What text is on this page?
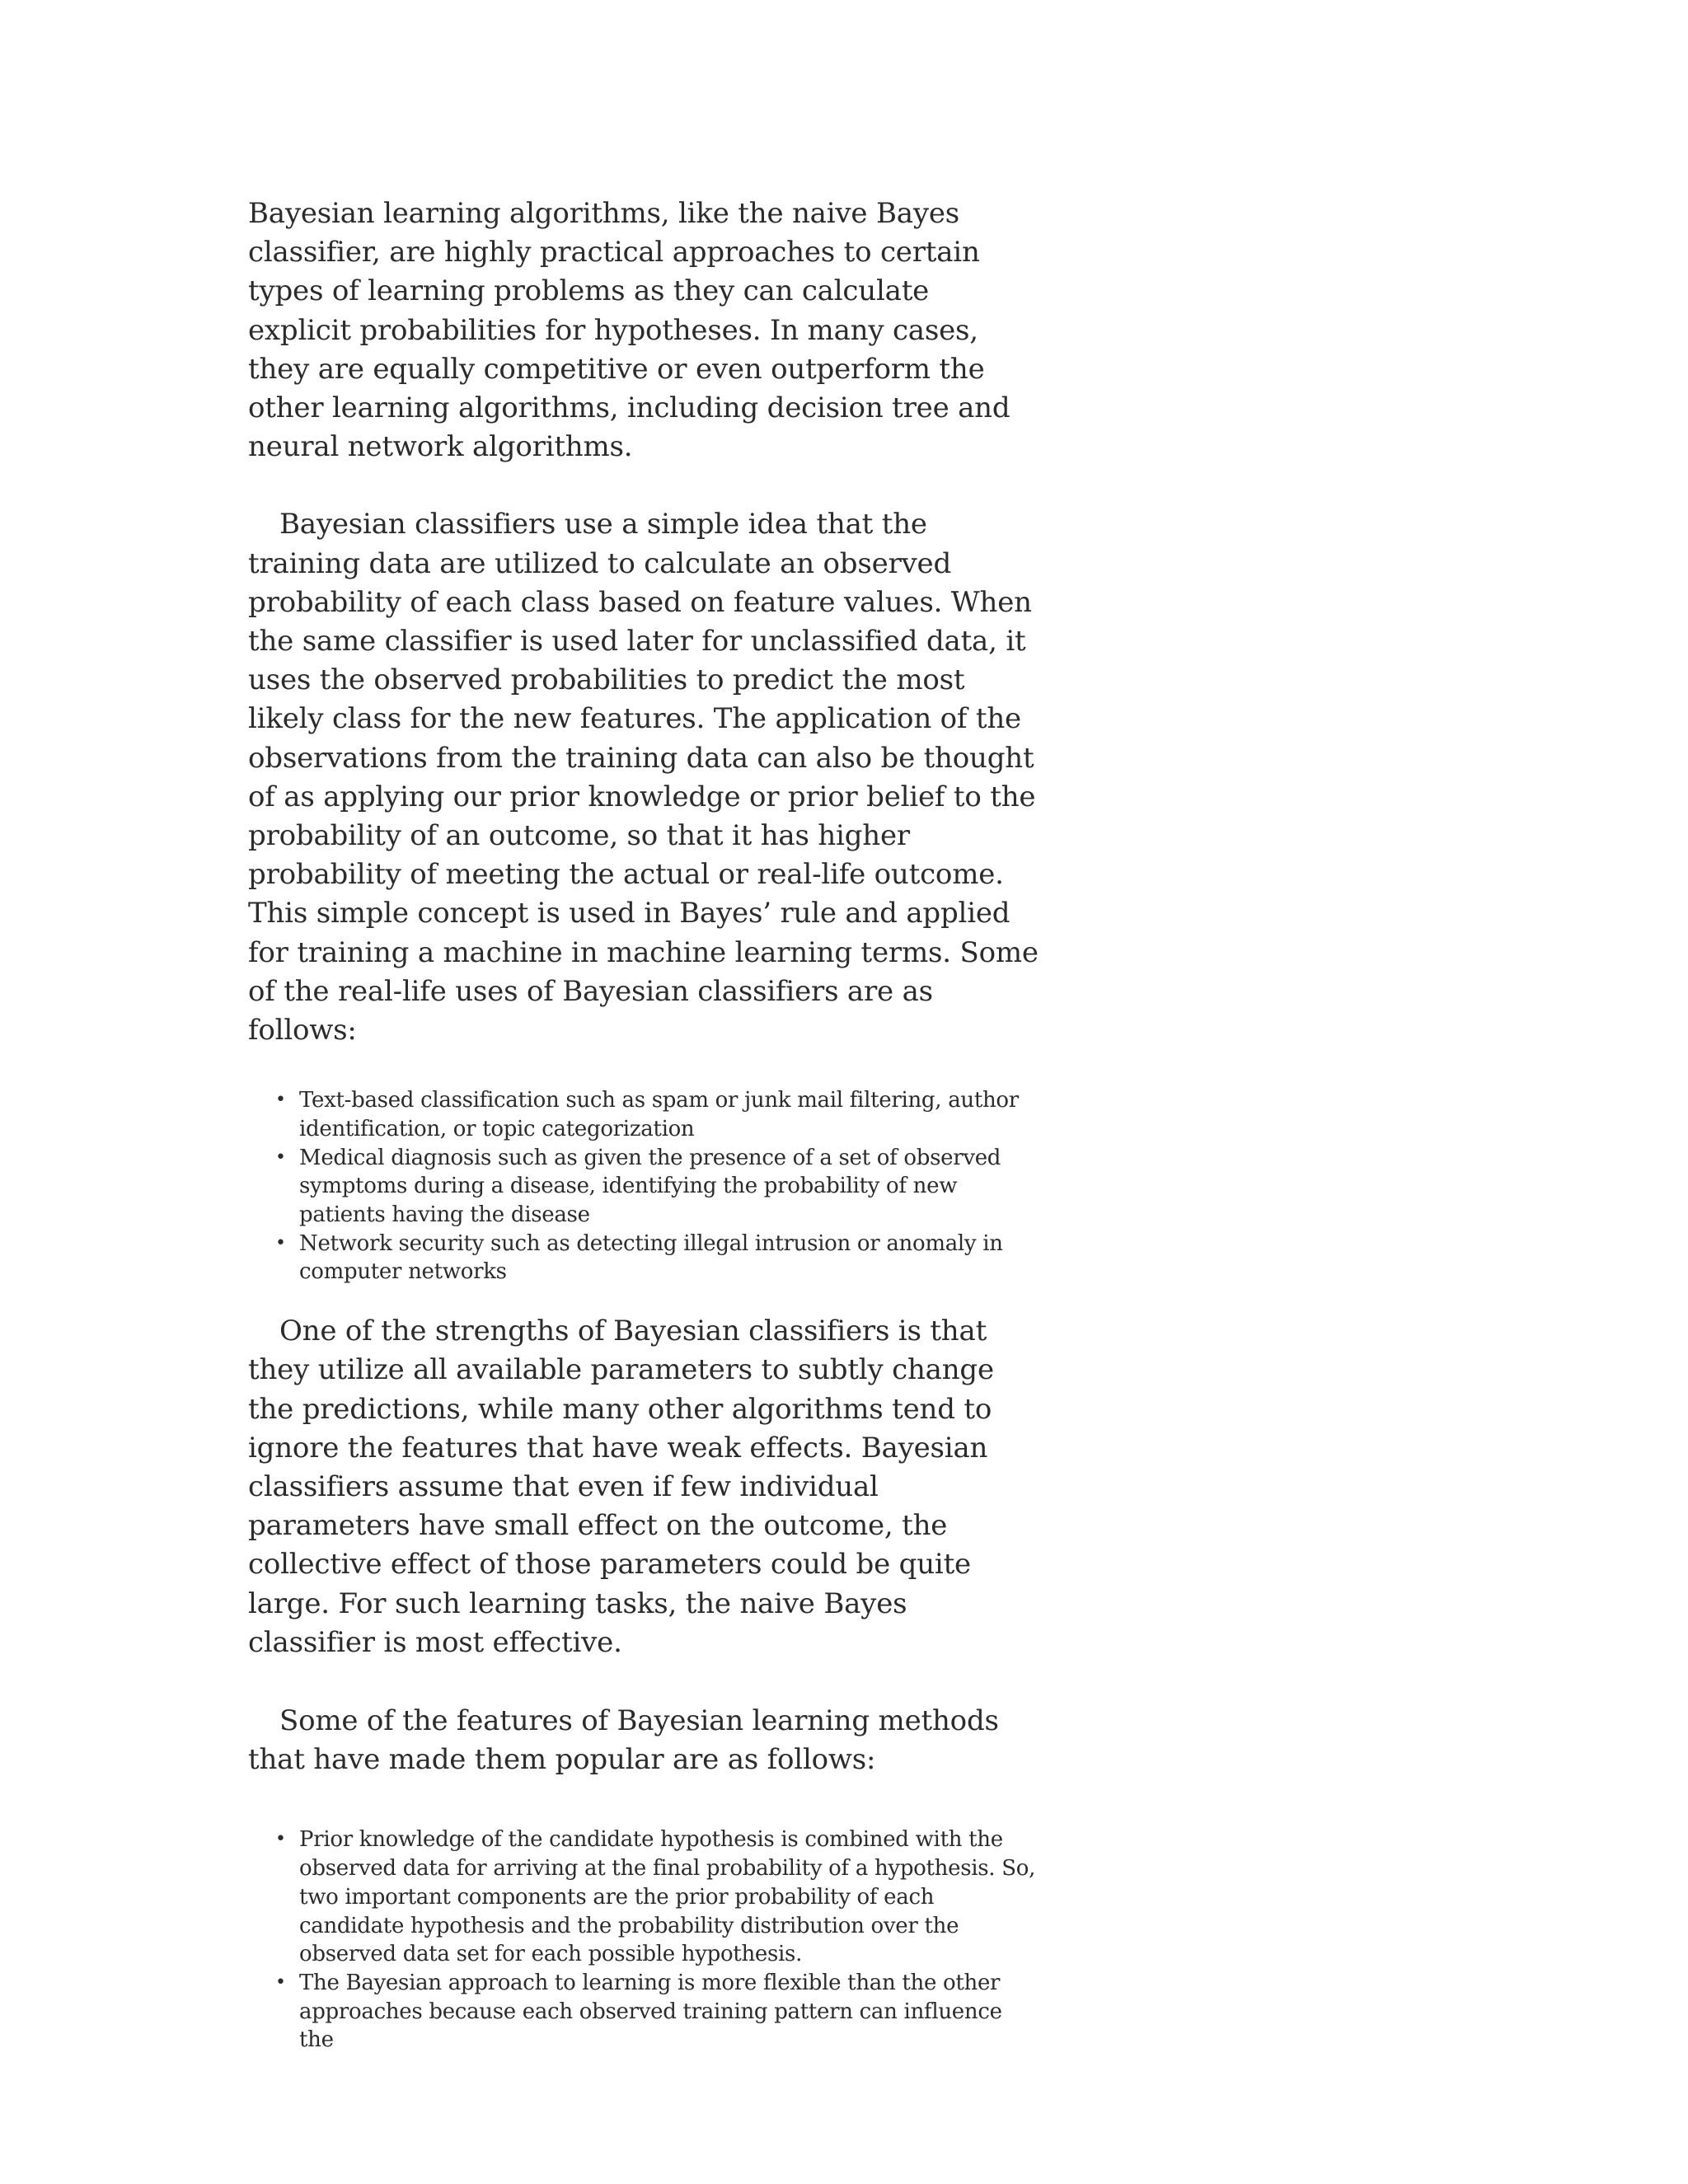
Bayesian learning algorithms, like the naive Bayes classifier, are highly practical approaches to certain types of learning problems as they can calculate explicit probabilities for hypotheses. In many cases, they are equally competitive or even outperform the other learning algorithms, including decision tree and neural network algorithms.

Bayesian classifiers use a simple idea that the training data are utilized to calculate an observed probability of each class based on feature values. When the same classifier is used later for unclassified data, it uses the observed probabilities to predict the most likely class for the new features. The application of the observations from the training data can also be thought of as applying our prior knowledge or prior belief to the probability of an outcome, so that it has higher probability of meeting the actual or real-life outcome. This simple concept is used in Bayes’ rule and applied for training a machine in machine learning terms. Some of the real-life uses of Bayesian classifiers are as follows:

• Text-based classification such as spam or junk mail filtering, author identification, or topic categorization
• Medical diagnosis such as given the presence of a set of observed symptoms during a disease, identifying the probability of new patients having the disease
• Network security such as detecting illegal intrusion or anomaly in computer networks

One of the strengths of Bayesian classifiers is that they utilize all available parameters to subtly change the predictions, while many other algorithms tend to ignore the features that have weak effects. Bayesian classifiers assume that even if few individual parameters have small effect on the outcome, the collective effect of those parameters could be quite large. For such learning tasks, the naive Bayes classifier is most effective.

Some of the features of Bayesian learning methods that have made them popular are as follows:

• Prior knowledge of the candidate hypothesis is combined with the observed data for arriving at the final probability of a hypothesis. So, two important components are the prior probability of each candidate hypothesis and the probability distribution over the observed data set for each possible hypothesis.
• The Bayesian approach to learning is more flexible than the other approaches because each observed training pattern can influence the
